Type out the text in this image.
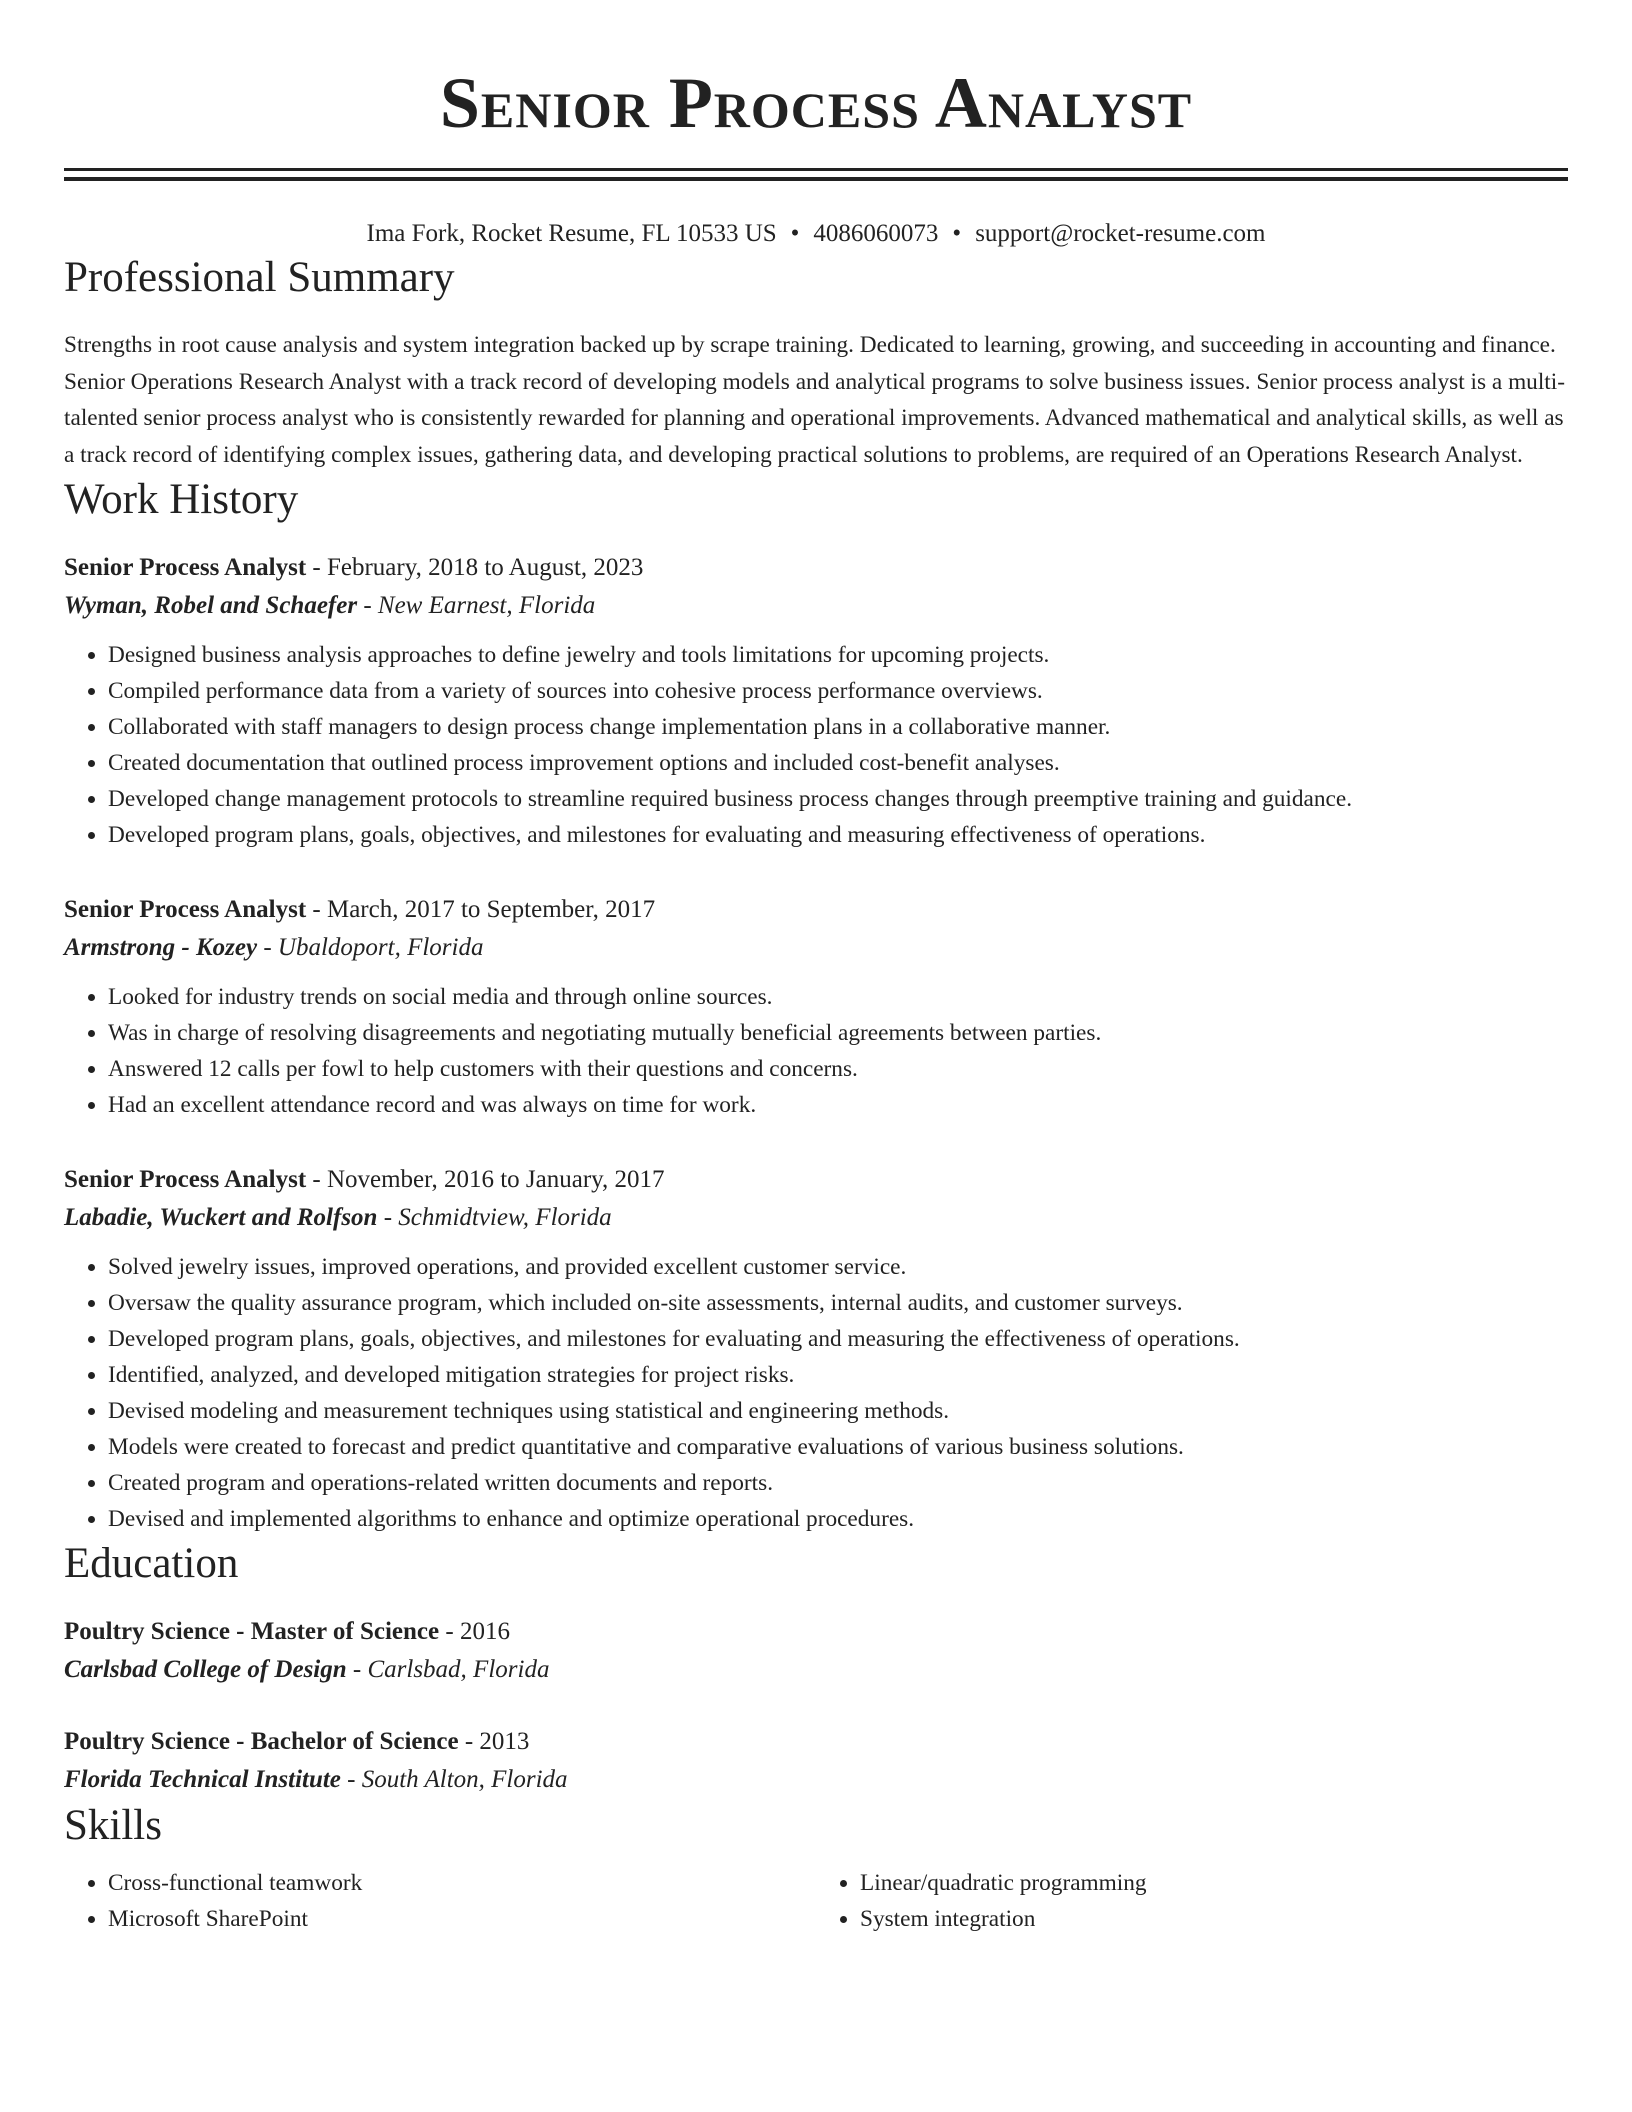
Senior Process Analyst
Ima Fork, Rocket Resume, FL 10533 US • 4086060073 • support@rocket-resume.com
Professional Summary

Strengths in root cause analysis and system integration backed up by scrape training. Dedicated to learning, growing, and succeeding in accounting and finance. Senior Operations Research Analyst with a track record of developing models and analytical programs to solve business issues. Senior process analyst is a multi-talented senior process analyst who is consistently rewarded for planning and operational improvements. Advanced mathematical and analytical skills, as well as a track record of identifying complex issues, gathering data, and developing practical solutions to problems, are required of an Operations Research Analyst.

Work History
Senior Process Analyst - February, 2018 to August, 2023
Wyman, Robel and Schaefer - New Earnest, Florida
• Designed business analysis approaches to define jewelry and tools limitations for upcoming projects.
• Compiled performance data from a variety of sources into cohesive process performance overviews.
• Collaborated with staff managers to design process change implementation plans in a collaborative manner.
• Created documentation that outlined process improvement options and included cost-benefit analyses.
• Developed change management protocols to streamline required business process changes through preemptive training and guidance.
• Developed program plans, goals, objectives, and milestones for evaluating and measuring effectiveness of operations.
Senior Process Analyst - March, 2017 to September, 2017
Armstrong - Kozey - Ubaldoport, Florida
• Looked for industry trends on social media and through online sources.
• Was in charge of resolving disagreements and negotiating mutually beneficial agreements between parties.
• Answered 12 calls per fowl to help customers with their questions and concerns.
• Had an excellent attendance record and was always on time for work.
Senior Process Analyst - November, 2016 to January, 2017
Labadie, Wuckert and Rolfson - Schmidtview, Florida
• Solved jewelry issues, improved operations, and provided excellent customer service.
• Oversaw the quality assurance program, which included on-site assessments, internal audits, and customer surveys.
• Developed program plans, goals, objectives, and milestones for evaluating and measuring the effectiveness of operations.
• Identified, analyzed, and developed mitigation strategies for project risks.
• Devised modeling and measurement techniques using statistical and engineering methods.
• Models were created to forecast and predict quantitative and comparative evaluations of various business solutions.
• Created program and operations-related written documents and reports.
• Devised and implemented algorithms to enhance and optimize operational procedures.
Education
Poultry Science - Master of Science - 2016
Carlsbad College of Design - Carlsbad, Florida
Poultry Science - Bachelor of Science - 2013
Florida Technical Institute - South Alton, Florida
Skills
• Cross-functional teamwork
• Microsoft SharePoint
• Linear/quadratic programming
• System integration
